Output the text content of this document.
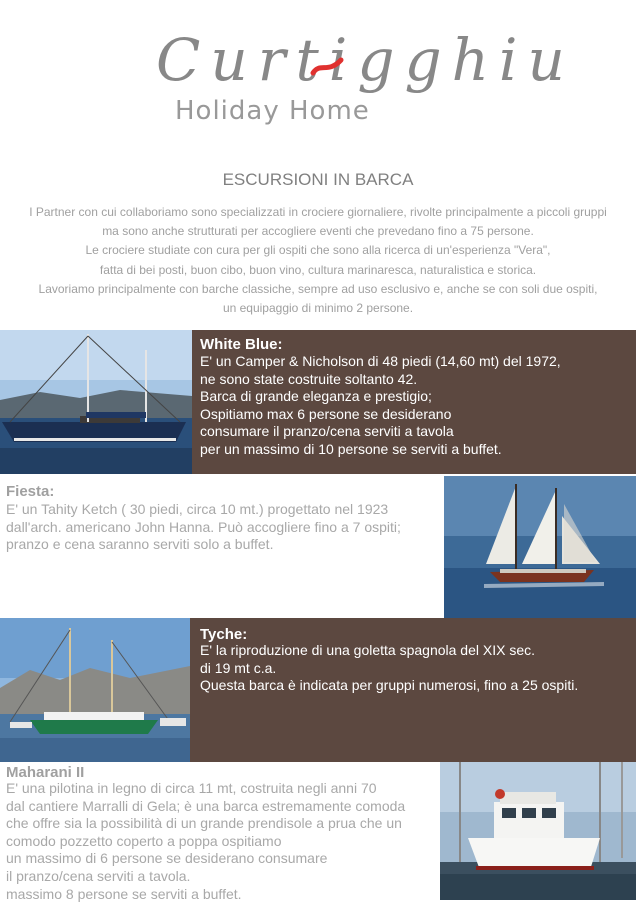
Curtigghiu
Holiday Home
ESCURSIONI IN BARCA
I Partner con cui collaboriamo sono specializzati in crociere giornaliere, rivolte principalmente a piccoli gruppi
ma sono anche strutturati per accogliere eventi che prevedano fino a 75 persone.
Le crociere studiate con cura per gli ospiti che sono alla ricerca di un'esperienza "Vera",
fatta di bei posti, buon cibo, buon vino, cultura marinaresca, naturalistica e storica.
Lavoriamo principalmente con barche classiche, sempre ad uso esclusivo e, anche se con soli due ospiti,
un equipaggio di minimo 2 persone.
White Blue:
E' un Camper & Nicholson di 48 piedi (14,60 mt) del 1972,
ne sono state costruite soltanto 42.
Barca di grande eleganza e prestigio;
Ospitiamo max 6 persone se desiderano
consumare il pranzo/cena serviti a tavola
per un massimo di 10 persone se serviti a buffet.
Fiesta:
E' un Tahity Ketch ( 30 piedi, circa 10 mt.) progettato nel 1923
dall'arch. americano John Hanna. Può accogliere fino a 7 ospiti;
pranzo e cena saranno serviti solo a buffet.
Tyche:
E' la riproduzione di una goletta spagnola del XIX sec.
di 19 mt c.a.
Questa barca è indicata per gruppi numerosi, fino a 25 ospiti.
Maharani II
E' una pilotina in legno di circa 11 mt, costruita negli anni 70
dal cantiere Marralli di Gela; è una barca estremamente comoda
che offre sia la possibilità di un grande prendisole a prua che un
comodo pozzetto coperto a poppa ospitiamo
un massimo di 6 persone se desiderano consumare
il pranzo/cena serviti a tavola.
massimo 8 persone se serviti a buffet.
